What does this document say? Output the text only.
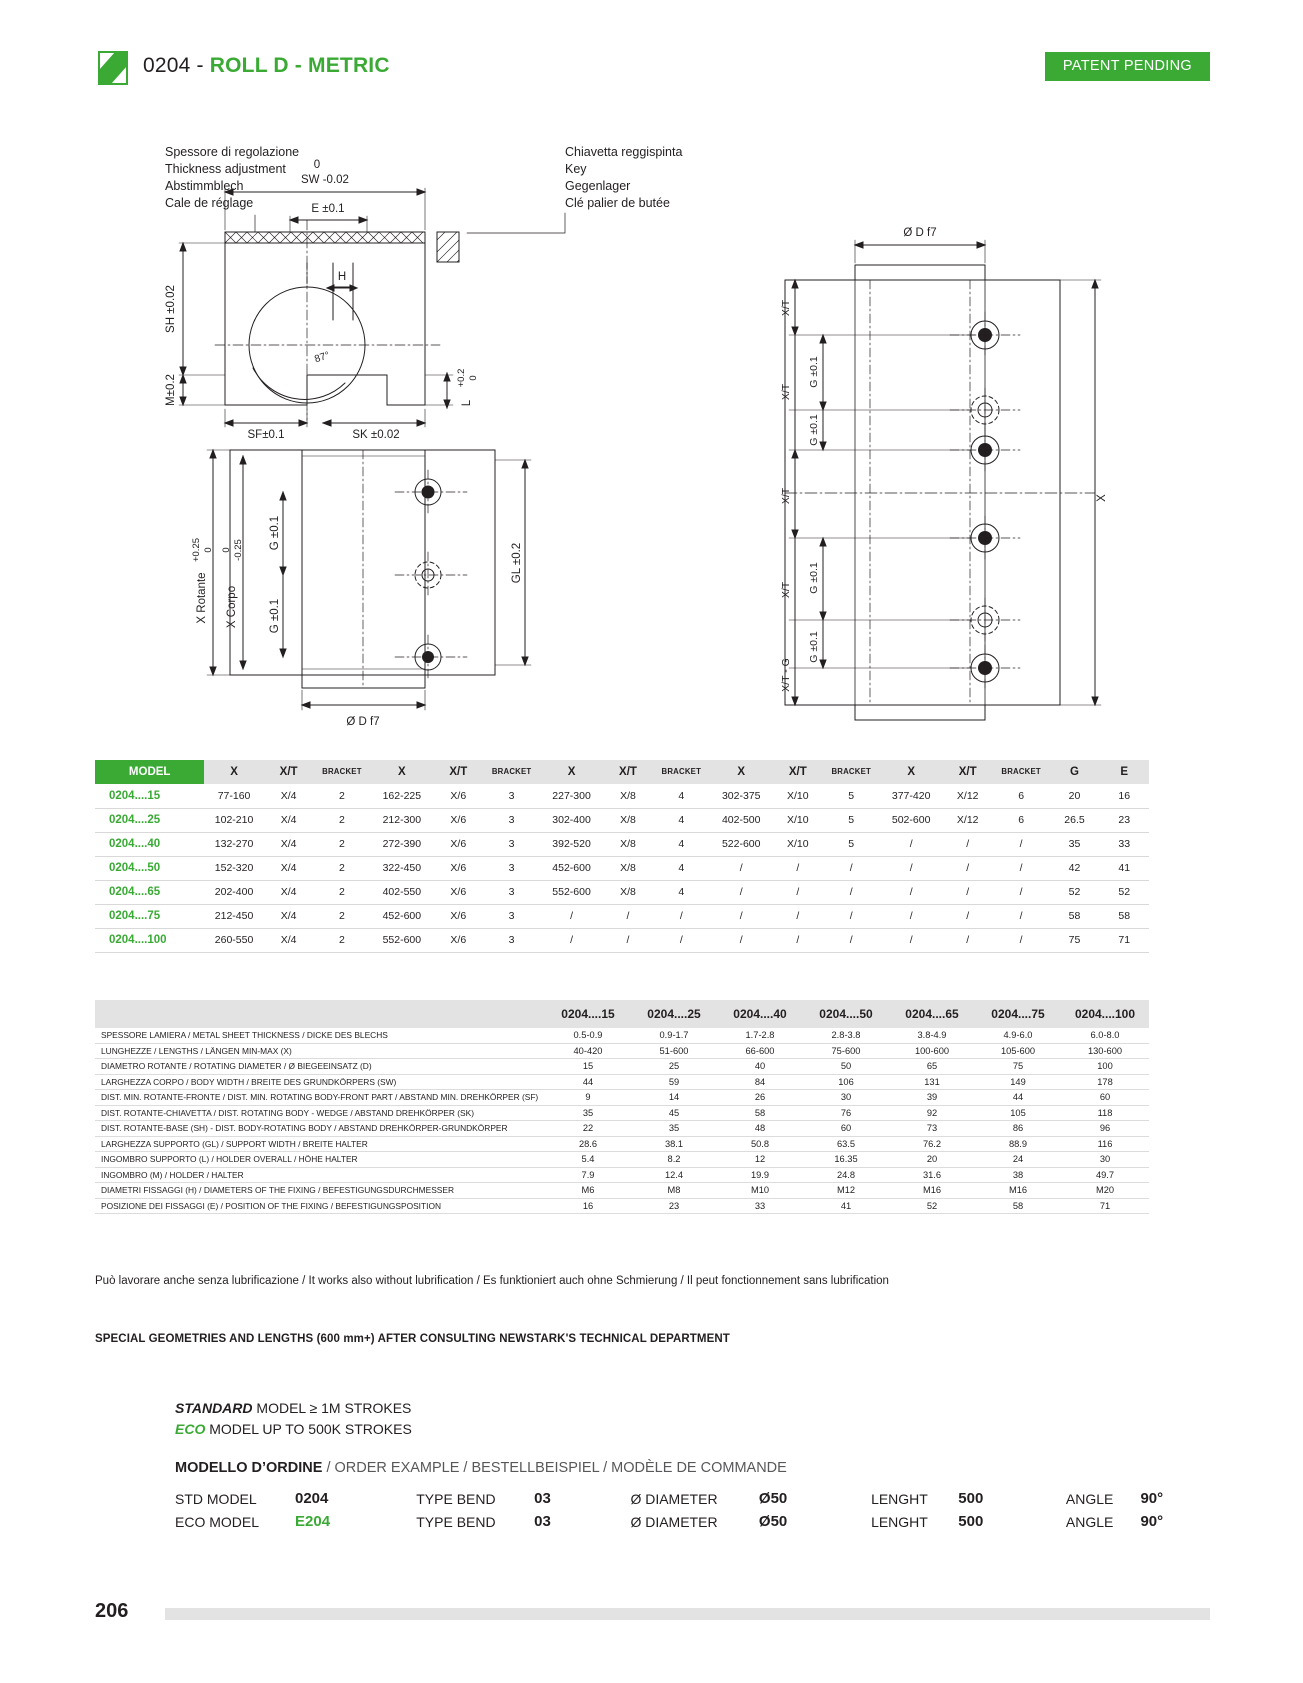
0204 - ROLL D - METRIC	PATENT PENDING
Spessore di regolazione
Thickness adjustment
Abstimmblech
Cale de réglage
Chiavetta reggispinta
Key
Gegenlager
Clé palier de butée
0
SW -0.02
E ±0.1
H
SH ±0.02
M±0.2
SF±0.1	SK ±0.02
87°
+0.2 0
L
+0.25 0
X Rotante
0 -0.25
X Corpo
G ±0.1
G ±0.1
GL ±0.2
Ø D f7
Ø D f7
X/T
G ±0.1
X/T
G ±0.1
X/T
G ±0.1
X/T
G ±0.1
X/T - G
X
MODEL	X	X/T	BRACKET	X	X/T	BRACKET	X	X/T	BRACKET	X	X/T	BRACKET	X	X/T	BRACKET	G	E
0204....15	77-160	X/4	2	162-225	X/6	3	227-300	X/8	4	302-375	X/10	5	377-420	X/12	6	20	16
0204....25	102-210	X/4	2	212-300	X/6	3	302-400	X/8	4	402-500	X/10	5	502-600	X/12	6	26.5	23
0204....40	132-270	X/4	2	272-390	X/6	3	392-520	X/8	4	522-600	X/10	5	/	/	/	35	33
0204....50	152-320	X/4	2	322-450	X/6	3	452-600	X/8	4	/	/	/	/	/	/	42	41
0204....65	202-400	X/4	2	402-550	X/6	3	552-600	X/8	4	/	/	/	/	/	/	52	52
0204....75	212-450	X/4	2	452-600	X/6	3	/	/	/	/	/	/	/	/	/	58	58
0204....100	260-550	X/4	2	552-600	X/6	3	/	/	/	/	/	/	/	/	/	75	71
	0204....15	0204....25	0204....40	0204....50	0204....65	0204....75	0204....100
SPESSORE LAMIERA / METAL SHEET THICKNESS / DICKE DES BLECHS	0.5-0.9	0.9-1.7	1.7-2.8	2.8-3.8	3.8-4.9	4.9-6.0	6.0-8.0
LUNGHEZZE / LENGTHS / LÄNGEN MIN-MAX (X)	40-420	51-600	66-600	75-600	100-600	105-600	130-600
DIAMETRO ROTANTE / ROTATING DIAMETER / Ø BIEGEEINSATZ (D)	15	25	40	50	65	75	100
LARGHEZZA CORPO / BODY WIDTH / BREITE DES GRUNDKÖRPERS (SW)	44	59	84	106	131	149	178
DIST. MIN. ROTANTE-FRONTE / DIST. MIN. ROTATING BODY-FRONT PART / ABSTAND MIN. DREHKÖRPER (SF)	9	14	26	30	39	44	60
DIST. ROTANTE-CHIAVETTA / DIST. ROTATING BODY - WEDGE / ABSTAND DREHKÖRPER (SK)	35	45	58	76	92	105	118
DIST. ROTANTE-BASE (SH) - DIST. BODY-ROTATING BODY / ABSTAND DREHKÖRPER-GRUNDKÖRPER	22	35	48	60	73	86	96
LARGHEZZA SUPPORTO (GL) / SUPPORT WIDTH / BREITE HALTER	28.6	38.1	50.8	63.5	76.2	88.9	116
INGOMBRO SUPPORTO (L) / HOLDER OVERALL / HÖHE HALTER	5.4	8.2	12	16.35	20	24	30
INGOMBRO (M) / HOLDER / HALTER	7.9	12.4	19.9	24.8	31.6	38	49.7
DIAMETRI FISSAGGI (H) / DIAMETERS OF THE FIXING / BEFESTIGUNGSDURCHMESSER	M6	M8	M10	M12	M16	M16	M20
POSIZIONE DEI FISSAGGI (E) / POSITION OF THE FIXING / BEFESTIGUNGSPOSITION	16	23	33	41	52	58	71
Può lavorare anche senza lubrificazione / It works also without lubrification / Es funktioniert auch ohne Schmierung / Il peut fonctionnement sans lubrification
SPECIAL GEOMETRIES AND LENGTHS (600 mm+) AFTER CONSULTING NEWSTARK'S TECHNICAL DEPARTMENT
STANDARD MODEL ≥ 1M STROKES
ECO MODEL UP TO 500K STROKES
MODELLO D’ORDINE / ORDER EXAMPLE / BESTELLBEISPIEL / MODÈLE DE COMMANDE
STD MODEL	0204		TYPE BEND	03		Ø DIAMETER	Ø50		LENGHT	500		ANGLE	90°
ECO MODEL	E204		TYPE BEND	03		Ø DIAMETER	Ø50		LENGHT	500		ANGLE	90°
206
